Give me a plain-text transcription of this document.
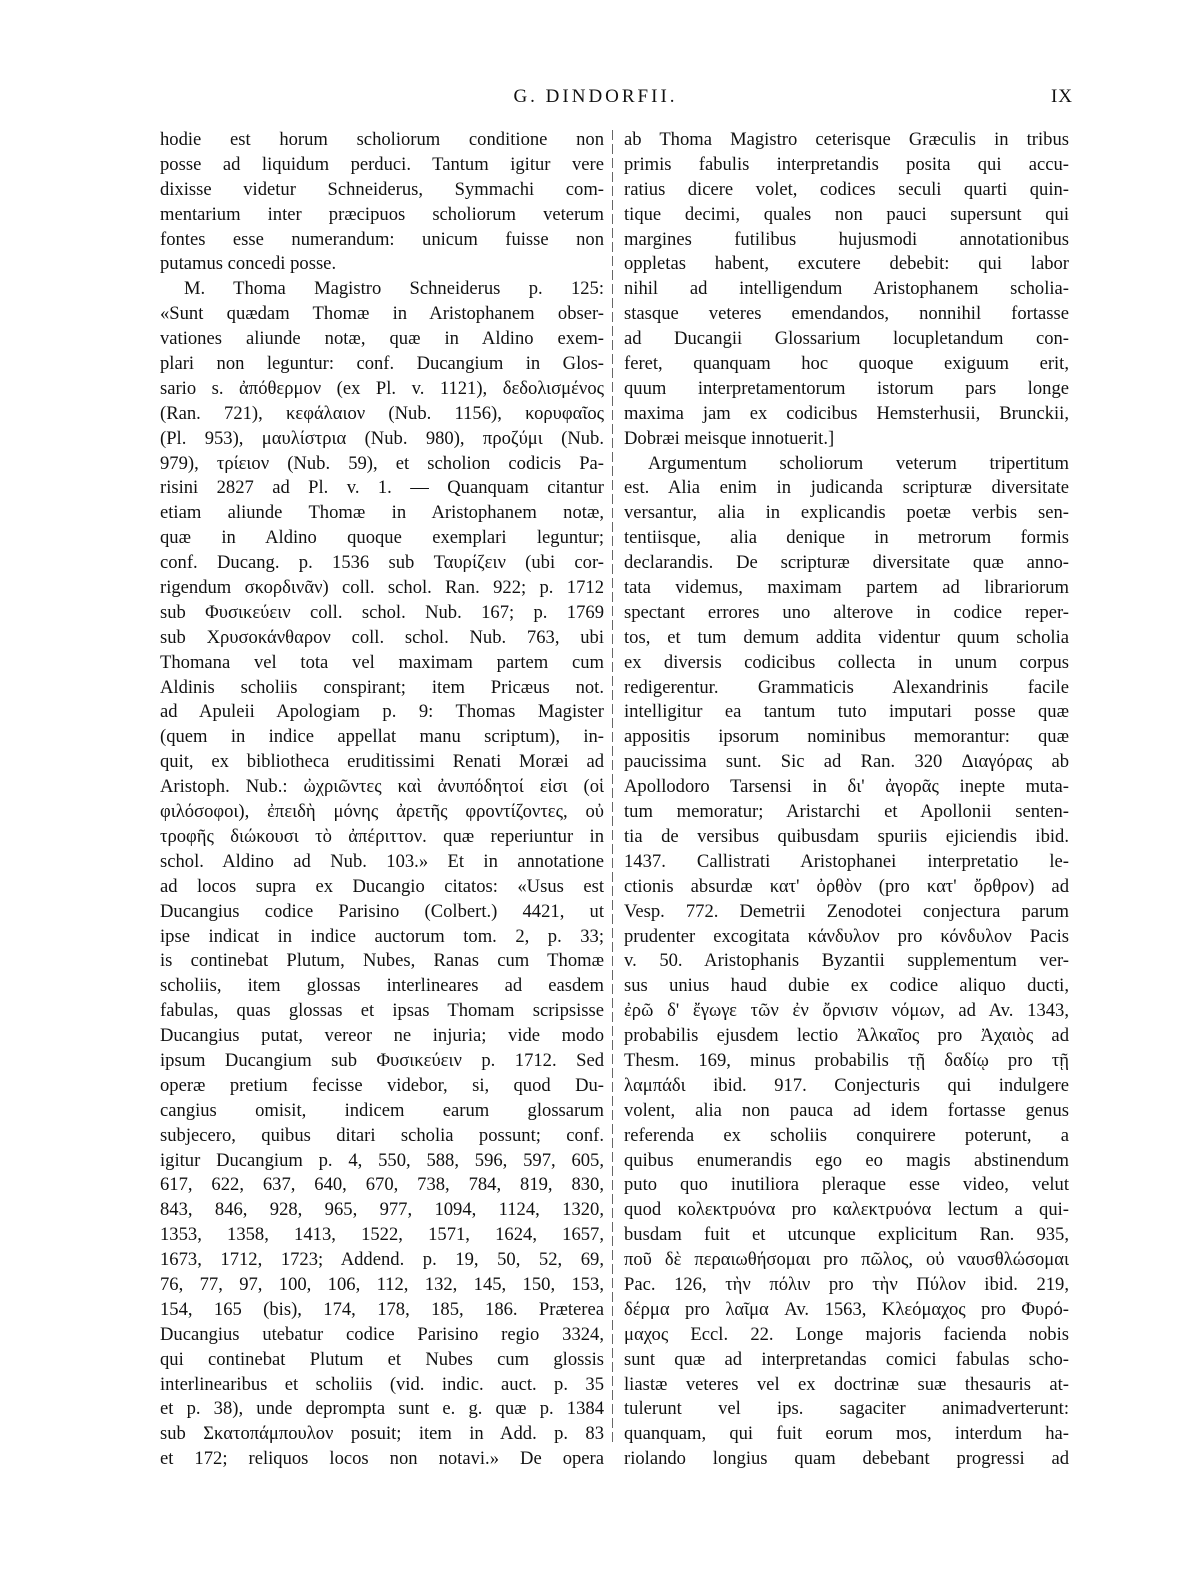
G. DINDORFII.	IX
hodie est horum scholiorum conditione non
posse ad liquidum perduci. Tantum igitur vere
dixisse videtur Schneiderus, Symmachi com-
mentarium inter præcipuos scholiorum veterum
fontes esse numerandum: unicum fuisse non
putamus concedi posse.
M. Thoma Magistro Schneiderus p. 125:
«Sunt quædam Thomæ in Aristophanem obser-
vationes aliunde notæ, quæ in Aldino exem-
plari non leguntur: conf. Ducangium in Glos-
sario s. ἀπόθερμον (ex Pl. v. 1121), δεδολισμένος
(Ran. 721), κεφάλαιον (Nub. 1156), κορυφαῖος
(Pl. 953), μαυλίστρια (Nub. 980), προζύμι (Nub.
979), τρίειον (Nub. 59), et scholion codicis Pa-
risini 2827 ad Pl. v. 1. — Quanquam citantur
etiam aliunde Thomæ in Aristophanem notæ,
quæ in Aldino quoque exemplari leguntur;
conf. Ducang. p. 1536 sub Ταυρίζειν (ubi cor-
rigendum σκορδινᾶν) coll. schol. Ran. 922; p. 1712
sub Φυσικεύειν coll. schol. Nub. 167; p. 1769
sub Χρυσοκάνθαρον coll. schol. Nub. 763, ubi
Thomana vel tota vel maximam partem cum
Aldinis scholiis conspirant; item Pricæus not.
ad Apuleii Apologiam p. 9: Thomas Magister
(quem in indice appellat manu scriptum), in-
quit, ex bibliotheca eruditissimi Renati Moræi ad
Aristoph. Nub.: ὠχριῶντες καὶ ἀνυπόδητοί εἰσι (οἱ
φιλόσοφοι), ἐπειδὴ μόνης ἀρετῆς φροντίζοντες, οὐ
τροφῆς διώκουσι τὸ ἀπέριττον. quæ reperiuntur in
schol. Aldino ad Nub. 103.» Et in annotatione
ad locos supra ex Ducangio citatos: «Usus est
Ducangius codice Parisino (Colbert.) 4421, ut
ipse indicat in indice auctorum tom. 2, p. 33;
is continebat Plutum, Nubes, Ranas cum Thomæ
scholiis, item glossas interlineares ad easdem
fabulas, quas glossas et ipsas Thomam scripsisse
Ducangius putat, vereor ne injuria; vide modo
ipsum Ducangium sub Φυσικεύειν p. 1712. Sed
operæ pretium fecisse videbor, si, quod Du-
cangius omisit, indicem earum glossarum
subjecero, quibus ditari scholia possunt; conf.
igitur Ducangium p. 4, 550, 588, 596, 597, 605,
617, 622, 637, 640, 670, 738, 784, 819, 830,
843, 846, 928, 965, 977, 1094, 1124, 1320,
1353, 1358, 1413, 1522, 1571, 1624, 1657,
1673, 1712, 1723; Addend. p. 19, 50, 52, 69,
76, 77, 97, 100, 106, 112, 132, 145, 150, 153,
154, 165 (bis), 174, 178, 185, 186. Præterea
Ducangius utebatur codice Parisino regio 3324,
qui continebat Plutum et Nubes cum glossis
interlinearibus et scholiis (vid. indic. auct. p. 35
et p. 38), unde deprompta sunt e. g. quæ p. 1384
sub Σκατοπάμπουλον posuit; item in Add. p. 83
et 172; reliquos locos non notavi.» De opera
ab Thoma Magistro ceterisque Græculis in tribus
primis fabulis interpretandis posita qui accu-
ratius dicere volet, codices seculi quarti quin-
tique decimi, quales non pauci supersunt qui
margines futilibus hujusmodi annotationibus
oppletas habent, excutere debebit: qui labor
nihil ad intelligendum Aristophanem scholia-
stasque veteres emendandos, nonnihil fortasse
ad Ducangii Glossarium locupletandum con-
feret, quanquam hoc quoque exiguum erit,
quum interpretamentorum istorum pars longe
maxima jam ex codicibus Hemsterhusii, Brunckii,
Dobræi meisque innotuerit.]
Argumentum scholiorum veterum tripertitum
est. Alia enim in judicanda scripturæ diversitate
versantur, alia in explicandis poetæ verbis sen-
tentiisque, alia denique in metrorum formis
declarandis. De scripturæ diversitate quæ anno-
tata videmus, maximam partem ad librariorum
spectant errores uno alterove in codice reper-
tos, et tum demum addita videntur quum scholia
ex diversis codicibus collecta in unum corpus
redigerentur. Grammaticis Alexandrinis facile
intelligitur ea tantum tuto imputari posse quæ
appositis ipsorum nominibus memorantur: quæ
paucissima sunt. Sic ad Ran. 320 Διαγόρας ab
Apollodoro Tarsensi in δι' ἀγορᾶς inepte muta-
tum memoratur; Aristarchi et Apollonii senten-
tia de versibus quibusdam spuriis ejiciendis ibid.
1437. Callistrati Aristophanei interpretatio le-
ctionis absurdæ κατ' ὀρθὸν (pro κατ' ὄρθρον) ad
Vesp. 772. Demetrii Zenodotei conjectura parum
prudenter excogitata κάνδυλον pro κόνδυλον Pacis
v. 50. Aristophanis Byzantii supplementum ver-
sus unius haud dubie ex codice aliquo ducti,
ἐρῶ δ' ἔγωγε τῶν ἐν ὄρνισιν νόμων, ad Av. 1343,
probabilis ejusdem lectio Ἀλκαῖος pro Ἀχαιὸς ad
Thesm. 169, minus probabilis τῇ δαδίῳ pro τῇ
λαμπάδι ibid. 917. Conjecturis qui indulgere
volent, alia non pauca ad idem fortasse genus
referenda ex scholiis conquirere poterunt, a
quibus enumerandis ego eo magis abstinendum
puto quo inutiliora pleraque esse video, velut
quod κολεκτρυόνα pro καλεκτρυόνα lectum a qui-
busdam fuit et utcunque explicitum Ran. 935,
ποῦ δὲ περαιωθήσομαι pro πῶλος, οὐ ναυσθλώσομαι
Pac. 126, τὴν πόλιν pro τὴν Πύλον ibid. 219,
δέρμα pro λαῖμα Av. 1563, Κλεόμαχος pro Φυρό-
μαχος Eccl. 22. Longe majoris facienda nobis
sunt quæ ad interpretandas comici fabulas scho-
liastæ veteres vel ex doctrinæ suæ thesauris at-
tulerunt vel ips. sagaciter animadverterunt:
quanquam, qui fuit eorum mos, interdum ha-
riolando longius quam debebant progressi ad
